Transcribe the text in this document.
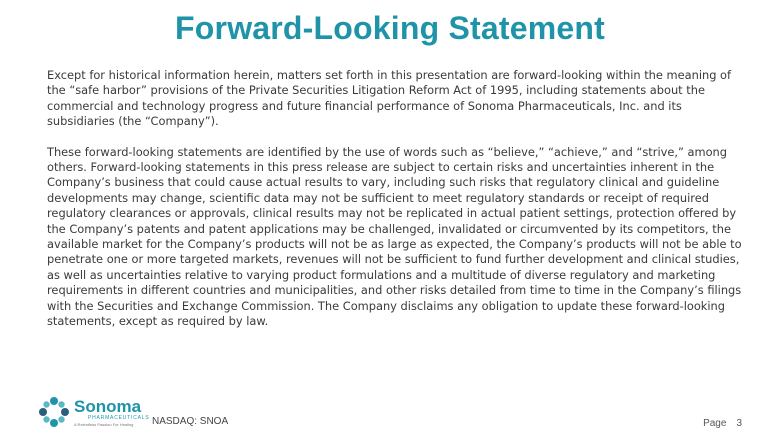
Forward-Looking Statement

Except for historical information herein, matters set forth in this presentation are forward-looking within the meaning of the “safe harbor” provisions of the Private Securities Litigation Reform Act of 1995, including statements about the commercial and technology progress and future financial performance of Sonoma Pharmaceuticals, Inc. and its subsidiaries (the “Company”).

These forward-looking statements are identified by the use of words such as “believe,” “achieve,” and “strive,” among others. Forward-looking statements in this press release are subject to certain risks and uncertainties inherent in the Company’s business that could cause actual results to vary, including such risks that regulatory clinical and guideline developments may change, scientific data may not be sufficient to meet regulatory standards or receipt of required regulatory clearances or approvals, clinical results may not be replicated in actual patient settings, protection offered by the Company’s patents and patent applications may be challenged, invalidated or circumvented by its competitors, the available market for the Company’s products will not be as large as expected, the Company’s products will not be able to penetrate one or more targeted markets, revenues will not be sufficient to fund further development and clinical studies, as well as uncertainties relative to varying product formulations and a multitude of diverse regulatory and marketing requirements in different countries and municipalities, and other risks detailed from time to time in the Company’s filings with the Securities and Exchange Commission. The Company disclaims any obligation to update these forward-looking statements, except as required by law.

Sonoma
PHARMACEUTICALS
A Relentless Passion For Healing	NASDAQ: SNOA	Page 3
